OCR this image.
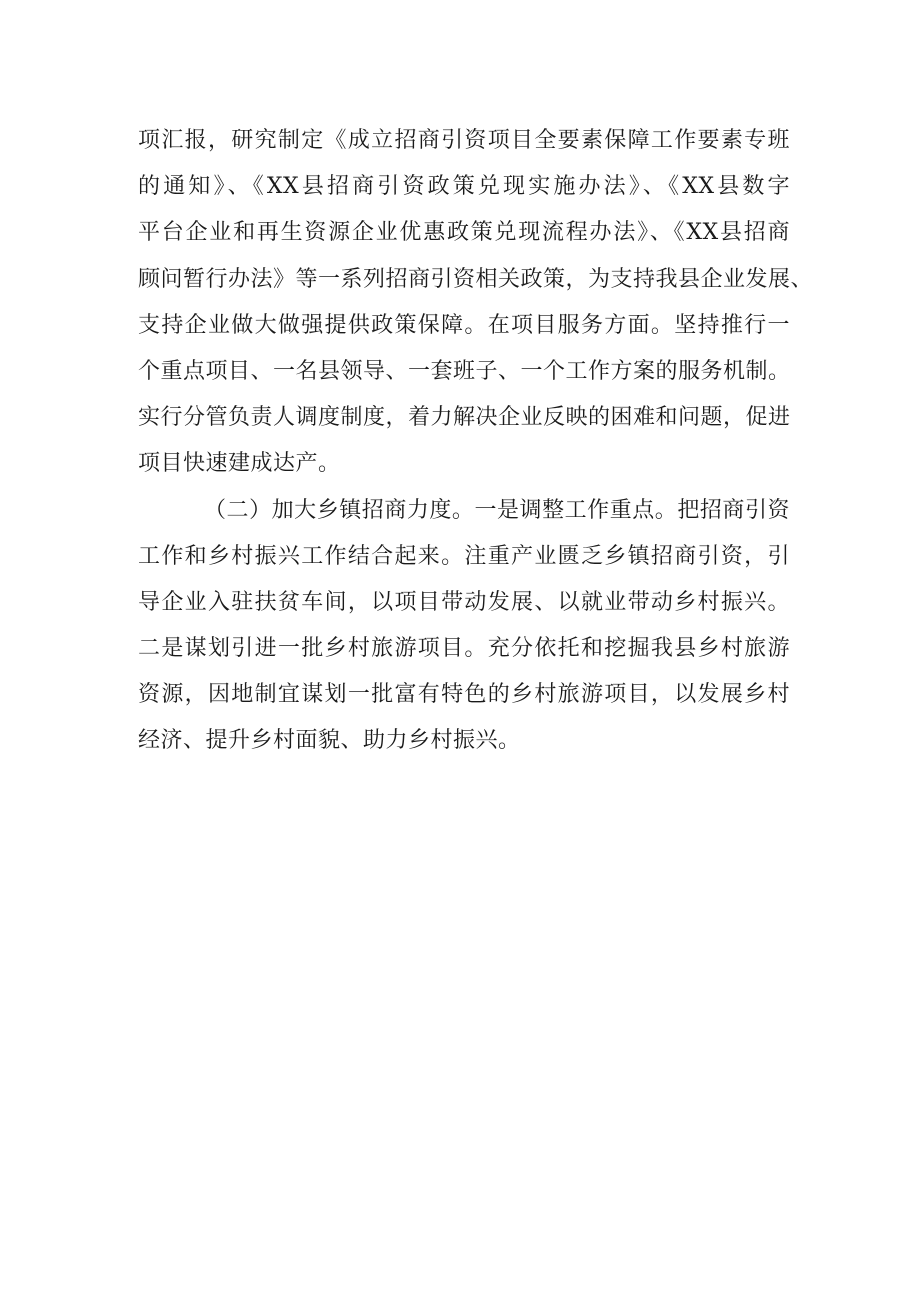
项汇报，研究制定《成立招商引资项目全要素保障工作要素专班
的通知》、《XX县招商引资政策兑现实施办法》、《XX县数字
平台企业和再生资源企业优惠政策兑现流程办法》、《XX县招商
顾问暂行办法》等一系列招商引资相关政策，为支持我县企业发展、
支持企业做大做强提供政策保障。在项目服务方面。坚持推行一
个重点项目、一名县领导、一套班子、一个工作方案的服务机制。
实行分管负责人调度制度，着力解决企业反映的困难和问题，促进
项目快速建成达产。

（二）加大乡镇招商力度。一是调整工作重点。把招商引资
工作和乡村振兴工作结合起来。注重产业匮乏乡镇招商引资，引
导企业入驻扶贫车间，以项目带动发展、以就业带动乡村振兴。
二是谋划引进一批乡村旅游项目。充分依托和挖掘我县乡村旅游
资源，因地制宜谋划一批富有特色的乡村旅游项目，以发展乡村
经济、提升乡村面貌、助力乡村振兴。
